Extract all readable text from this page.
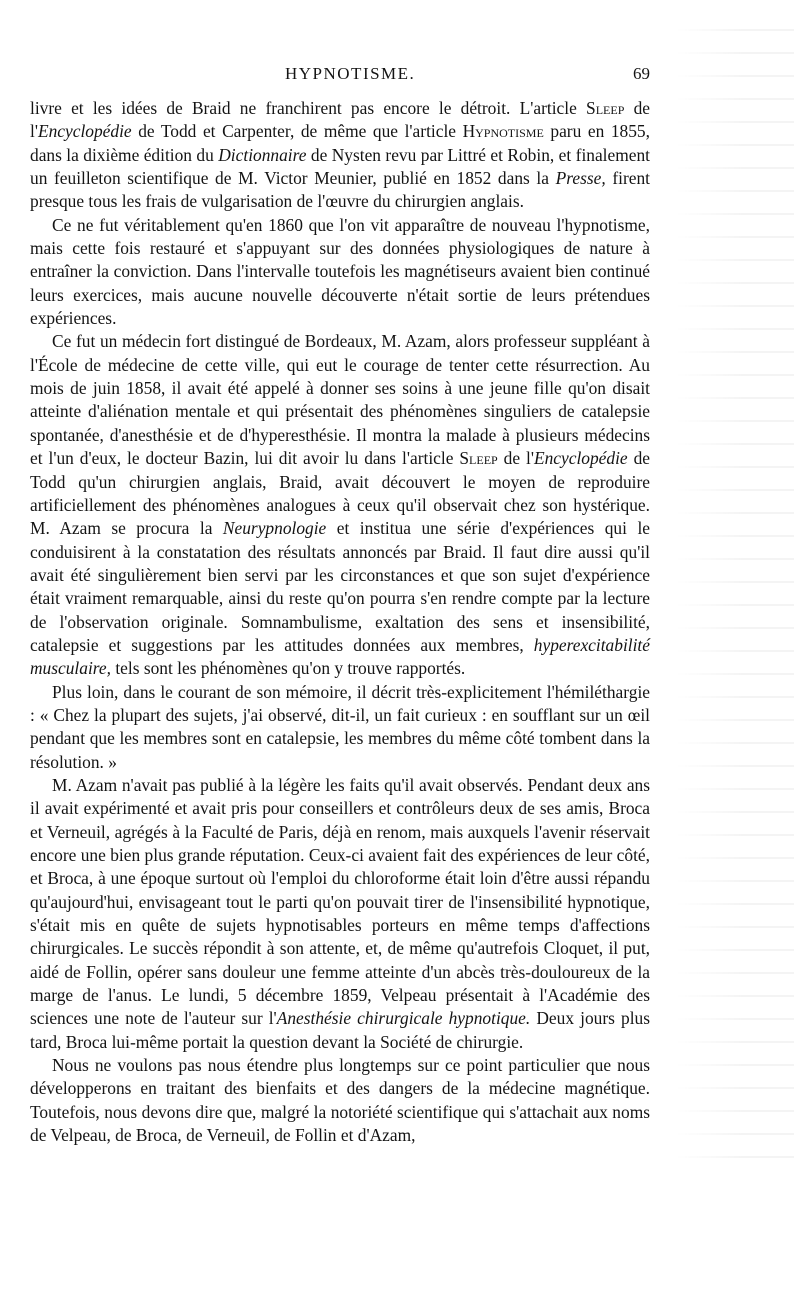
HYPNOTISME.	69

livre et les idées de Braid ne franchirent pas encore le détroit. L'article Sleep de l'Encyclopédie de Todd et Carpenter, de même que l'article Hypnotisme paru en 1855, dans la dixième édition du Dictionnaire de Nysten revu par Littré et Robin, et finalement un feuilleton scientifique de M. Victor Meunier, publié en 1852 dans la Presse, firent presque tous les frais de vulgarisation de l'œuvre du chirurgien anglais.

Ce ne fut véritablement qu'en 1860 que l'on vit apparaître de nouveau l'hypnotisme, mais cette fois restauré et s'appuyant sur des données physiologiques de nature à entraîner la conviction. Dans l'intervalle toutefois les magnétiseurs avaient bien continué leurs exercices, mais aucune nouvelle découverte n'était sortie de leurs prétendues expériences.

Ce fut un médecin fort distingué de Bordeaux, M. Azam, alors professeur suppléant à l'École de médecine de cette ville, qui eut le courage de tenter cette résurrection. Au mois de juin 1858, il avait été appelé à donner ses soins à une jeune fille qu'on disait atteinte d'aliénation mentale et qui présentait des phénomènes singuliers de catalepsie spontanée, d'anesthésie et de d'hyperesthésie. Il montra la malade à plusieurs médecins et l'un d'eux, le docteur Bazin, lui dit avoir lu dans l'article Sleep de l'Encyclopédie de Todd qu'un chirurgien anglais, Braid, avait découvert le moyen de reproduire artificiellement des phénomènes analogues à ceux qu'il observait chez son hystérique. M. Azam se procura la Neurypnologie et institua une série d'expériences qui le conduisirent à la constatation des résultats annoncés par Braid. Il faut dire aussi qu'il avait été singulièrement bien servi par les circonstances et que son sujet d'expérience était vraiment remarquable, ainsi du reste qu'on pourra s'en rendre compte par la lecture de l'observation originale. Somnambulisme, exaltation des sens et insensibilité, catalepsie et suggestions par les attitudes données aux membres, hyperexcitabilité musculaire, tels sont les phénomènes qu'on y trouve rapportés.

Plus loin, dans le courant de son mémoire, il décrit très-explicitement l'hémiléthargie : « Chez la plupart des sujets, j'ai observé, dit-il, un fait curieux : en soufflant sur un œil pendant que les membres sont en catalepsie, les membres du même côté tombent dans la résolution. »

M. Azam n'avait pas publié à la légère les faits qu'il avait observés. Pendant deux ans il avait expérimenté et avait pris pour conseillers et contrôleurs deux de ses amis, Broca et Verneuil, agrégés à la Faculté de Paris, déjà en renom, mais auxquels l'avenir réservait encore une bien plus grande réputation. Ceux-ci avaient fait des expériences de leur côté, et Broca, à une époque surtout où l'emploi du chloroforme était loin d'être aussi répandu qu'aujourd'hui, envisageant tout le parti qu'on pouvait tirer de l'insensibilité hypnotique, s'était mis en quête de sujets hypnotisables porteurs en même temps d'affections chirurgicales. Le succès répondit à son attente, et, de même qu'autrefois Cloquet, il put, aidé de Follin, opérer sans douleur une femme atteinte d'un abcès très-douloureux de la marge de l'anus. Le lundi, 5 décembre 1859, Velpeau présentait à l'Académie des sciences une note de l'auteur sur l'Anesthésie chirurgicale hypnotique. Deux jours plus tard, Broca lui-même portait la question devant la Société de chirurgie.

Nous ne voulons pas nous étendre plus longtemps sur ce point particulier que nous développerons en traitant des bienfaits et des dangers de la médecine magnétique. Toutefois, nous devons dire que, malgré la notoriété scientifique qui s'attachait aux noms de Velpeau, de Broca, de Verneuil, de Follin et d'Azam,
